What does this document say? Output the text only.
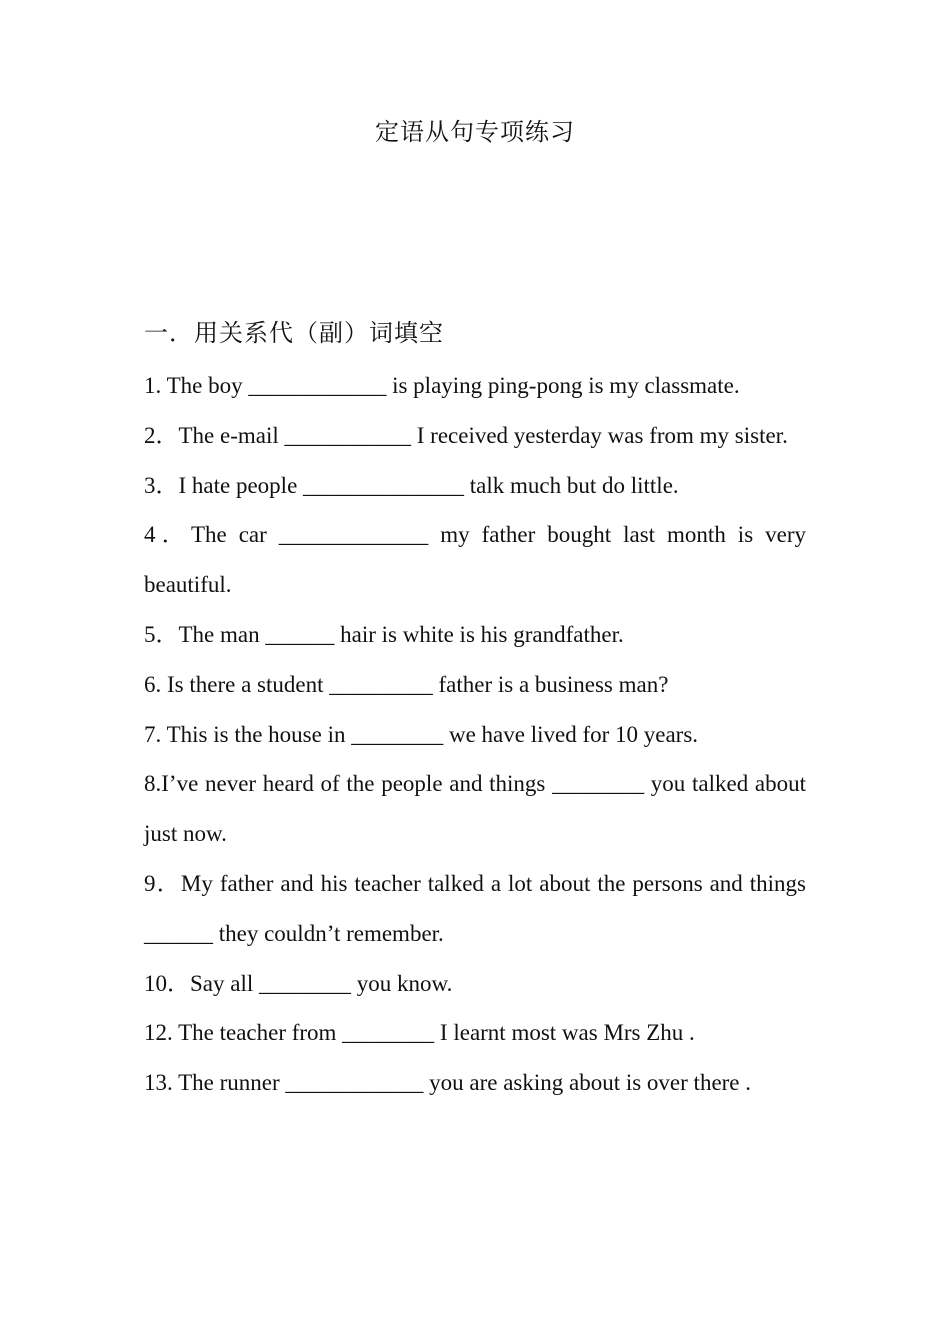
定语从句专项练习
一．用关系代（副）词填空
1. The boy ____________ is playing ping-pong is my classmate.
2．The e-mail ___________ I received yesterday was from my sister.
3．I hate people ______________ talk much but do little.
4．The car _____________ my father bought last month is very beautiful.
5．The man ______ hair is white is his grandfather.
6. Is there a student _________ father is a business man?
7. This is the house in ________ we have lived for 10 years.
8.I’ve never heard of the people and things ________ you talked about just now.
9．My father and his teacher talked a lot about the persons and things ______ they couldn’t remember.
10．Say all ________ you know.
12. The teacher from ________ I learnt most was Mrs Zhu .
13. The runner ____________ you are asking about is over there .
